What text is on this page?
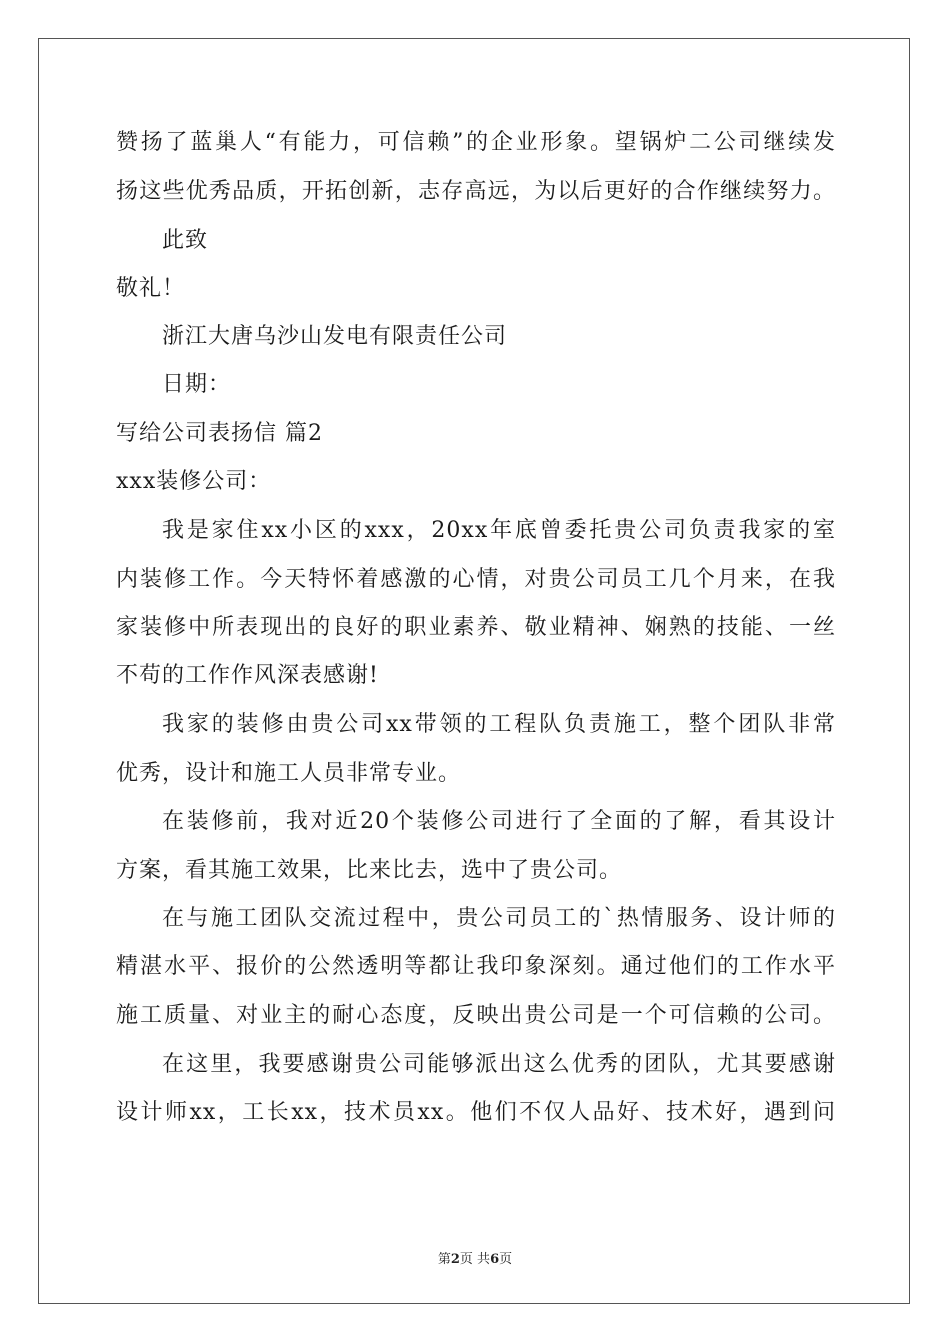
赞扬了蓝巢人“有能力，可信赖”的企业形象。望锅炉二公司继续发
扬这些优秀品质，开拓创新，志存高远，为以后更好的合作继续努力。
此致
敬礼！
浙江大唐乌沙山发电有限责任公司
日期：
写给公司表扬信 篇2
xxx装修公司：
我是家住xx小区的xxx，20xx年底曾委托贵公司负责我家的室
内装修工作。今天特怀着感激的心情，对贵公司员工几个月来，在我
家装修中所表现出的良好的职业素养、敬业精神、娴熟的技能、一丝
不苟的工作作风深表感谢!
我家的装修由贵公司xx带领的工程队负责施工，整个团队非常
优秀，设计和施工人员非常专业。
在装修前，我对近20个装修公司进行了全面的了解，看其设计
方案，看其施工效果，比来比去，选中了贵公司。
在与施工团队交流过程中，贵公司员工的`热情服务、设计师的
精湛水平、报价的公然透明等都让我印象深刻。通过他们的工作水平
施工质量、对业主的耐心态度，反映出贵公司是一个可信赖的公司。
在这里，我要感谢贵公司能够派出这么优秀的团队，尤其要感谢
设计师xx，工长xx，技术员xx。他们不仅人品好、技术好，遇到问
第2页 共6页
